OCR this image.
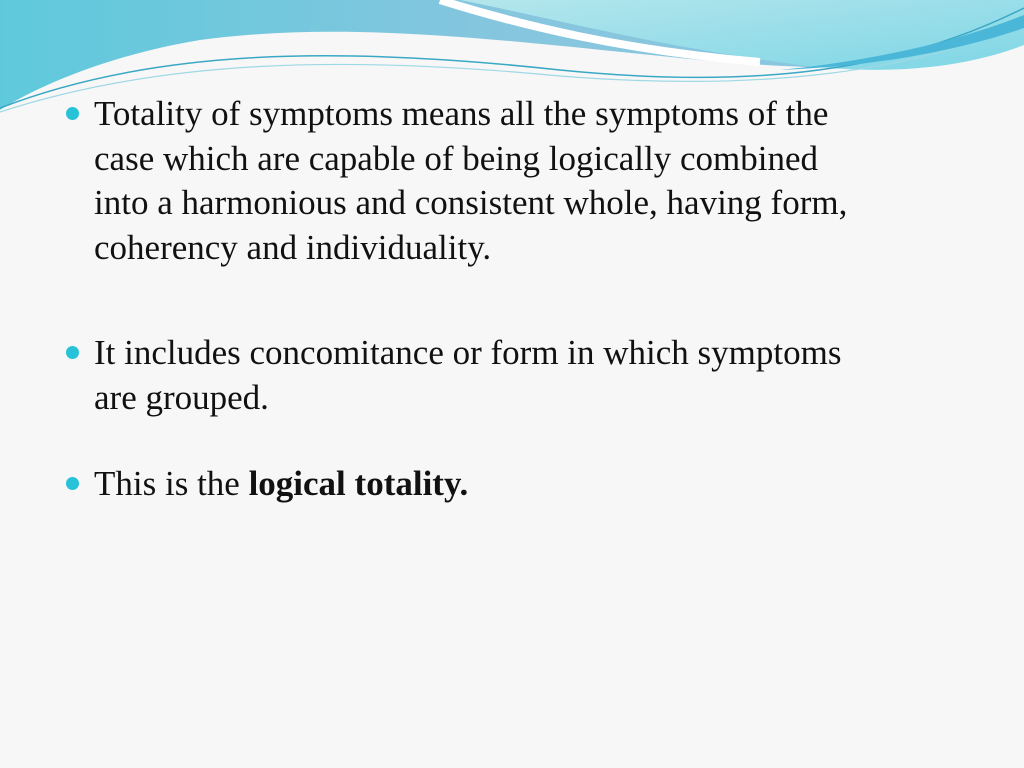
Totality of symptoms means all the symptoms of the
case which are capable of being logically combined
into a harmonious and consistent whole, having form,
coherency and individuality.
It includes concomitance or form in which symptoms
are grouped.
This is the logical totality.
